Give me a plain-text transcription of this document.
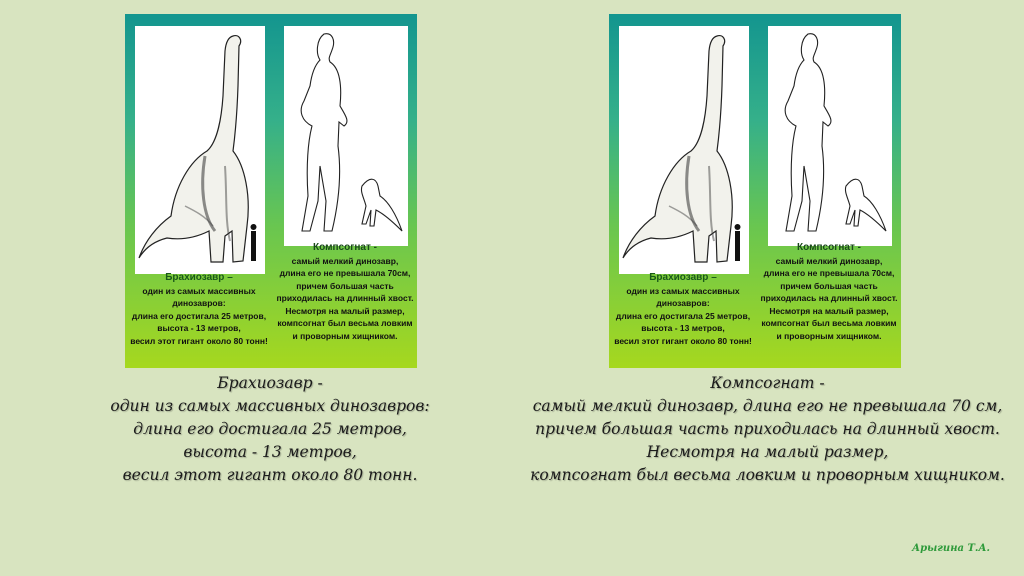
Брахиозавр –
один из самых массивных
динозавров:
длина его достигала 25 метров,
высота - 13 метров,
весил этот гигант около 80 тонн!
Компсогнат -
самый мелкий динозавр,
длина его не превышала 70см,
причем большая часть
приходилась на длинный хвост.
Несмотря на малый размер,
компсогнат был весьма ловким
и проворным хищником.
Брахиозавр –
один из самых массивных
динозавров:
длина его достигала 25 метров,
высота - 13 метров,
весил этот гигант около 80 тонн!
Компсогнат -
самый мелкий динозавр,
длина его не превышала 70см,
причем большая часть
приходилась на длинный хвост.
Несмотря на малый размер,
компсогнат был весьма ловким
и проворным хищником.
Брахиозавр -
один из самых массивных динозавров:
длина его достигала 25 метров,
высота - 13 метров,
весил этот гигант около 80 тонн.
Компсогнат -
самый мелкий динозавр, длина его не превышала 70 см,
причем большая часть приходилась на длинный хвост.
Несмотря на малый размер,
компсогнат был весьма ловким и проворным хищником.
Арыгина Т.А.
